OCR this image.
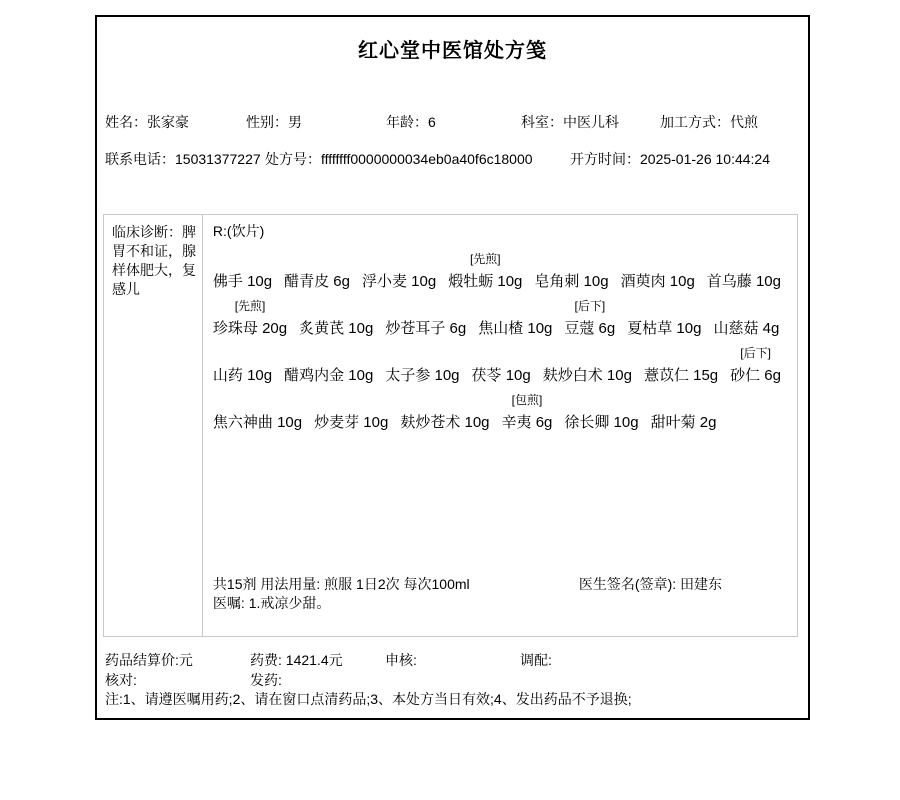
红心堂中医馆处方笺
姓名：张家豪	性别：男	年龄：6	科室：中医儿科	加工方式：代煎
联系电话：15031377227 处方号：ffffffff0000000034eb0a40f6c18000	开方时间：2025-01-26 10:44:24
临床诊断：脾胃不和证，腺样体肥大，复感儿
R:(饮片)

佛手 10g
醋青皮 6g
浮小麦 10g
[先煎]
煅牡蛎 10g
皂角刺 10g
酒萸肉 10g
首乌藤 10g
[先煎]
珍珠母 20g
炙黄芪 10g
炒苍耳子 6g
焦山楂 10g
[后下]
豆蔻 6g
夏枯草 10g
山慈菇 4g

山药 10g
醋鸡内金 10g
太子参 10g
茯苓 10g
麸炒白术 10g
薏苡仁 15g
[后下]
砂仁 6g

焦六神曲 10g
炒麦芽 10g
麸炒苍术 10g
[包煎]
辛夷 6g
徐长卿 10g
甜叶菊 2g
共15剂 用法用量: 煎服 1日2次 每次100ml
医嘱: 1.戒凉少甜。
医生签名(签章): 田建东
药品结算价:元	药费: 1421.4元	申核:	调配:
核对:	发药:
注:1、请遵医嘱用药;2、请在窗口点清药品;3、本处方当日有效;4、发出药品不予退换;
